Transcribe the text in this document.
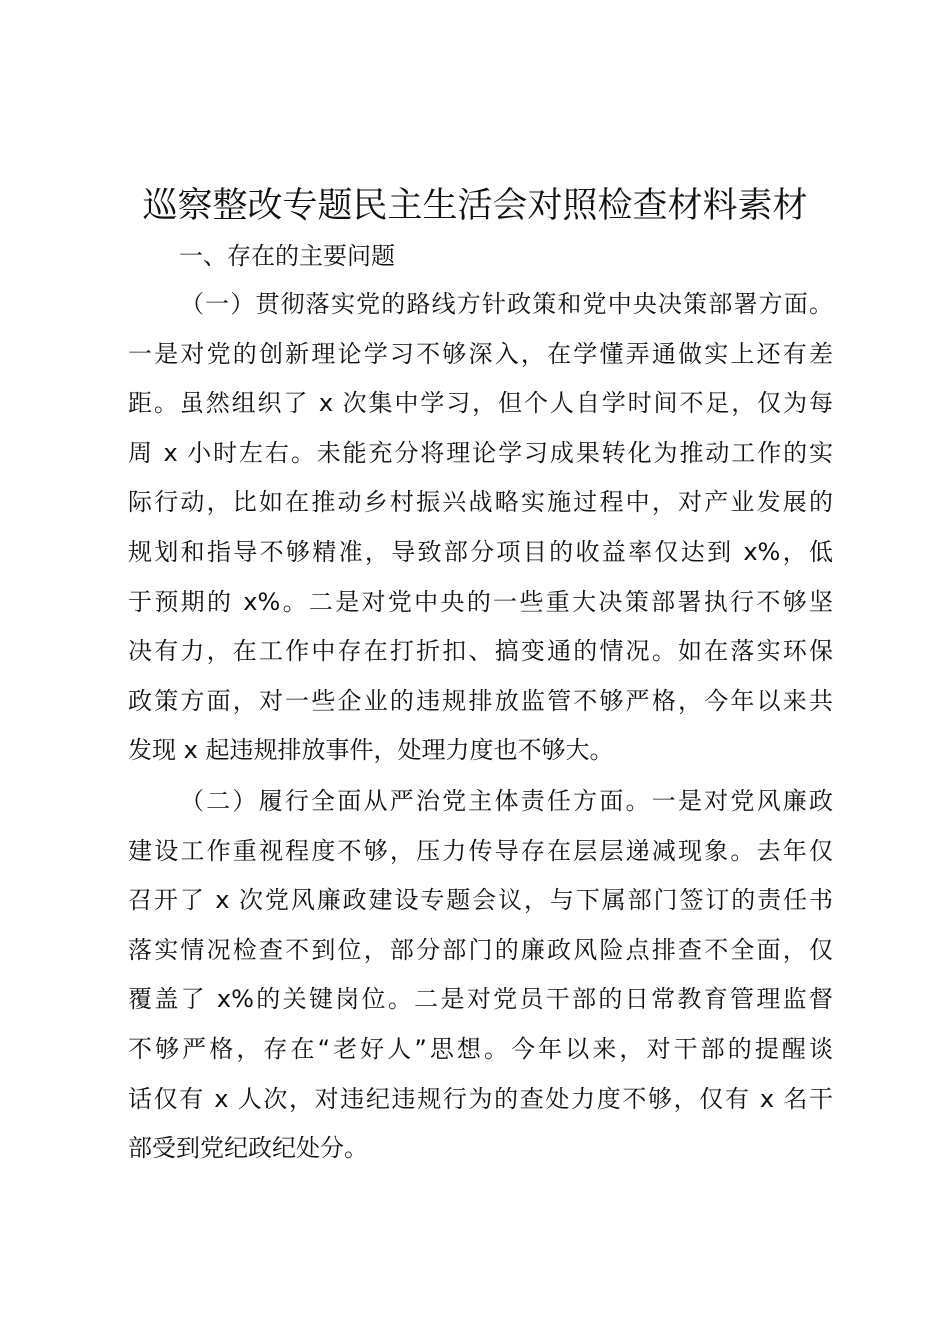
巡察整改专题民主生活会对照检查材料素材

一、存在的主要问题

（一）贯彻落实党的路线方针政策和党中央决策部署方面。
一是对党的创新理论学习不够深入，在学懂弄通做实上还有差
距。虽然组织了 x 次集中学习，但个人自学时间不足，仅为每
周 x 小时左右。未能充分将理论学习成果转化为推动工作的实
际行动，比如在推动乡村振兴战略实施过程中，对产业发展的
规划和指导不够精准，导致部分项目的收益率仅达到 x%，低
于预期的 x%。二是对党中央的一些重大决策部署执行不够坚
决有力，在工作中存在打折扣、搞变通的情况。如在落实环保
政策方面，对一些企业的违规排放监管不够严格，今年以来共
发现 x 起违规排放事件，处理力度也不够大。
（二）履行全面从严治党主体责任方面。一是对党风廉政
建设工作重视程度不够，压力传导存在层层递减现象。去年仅
召开了 x 次党风廉政建设专题会议，与下属部门签订的责任书
落实情况检查不到位，部分部门的廉政风险点排查不全面，仅
覆盖了 x%的关键岗位。二是对党员干部的日常教育管理监督
不够严格，存在“老好人”思想。今年以来，对干部的提醒谈
话仅有 x 人次，对违纪违规行为的查处力度不够，仅有 x 名干
部受到党纪政纪处分。
